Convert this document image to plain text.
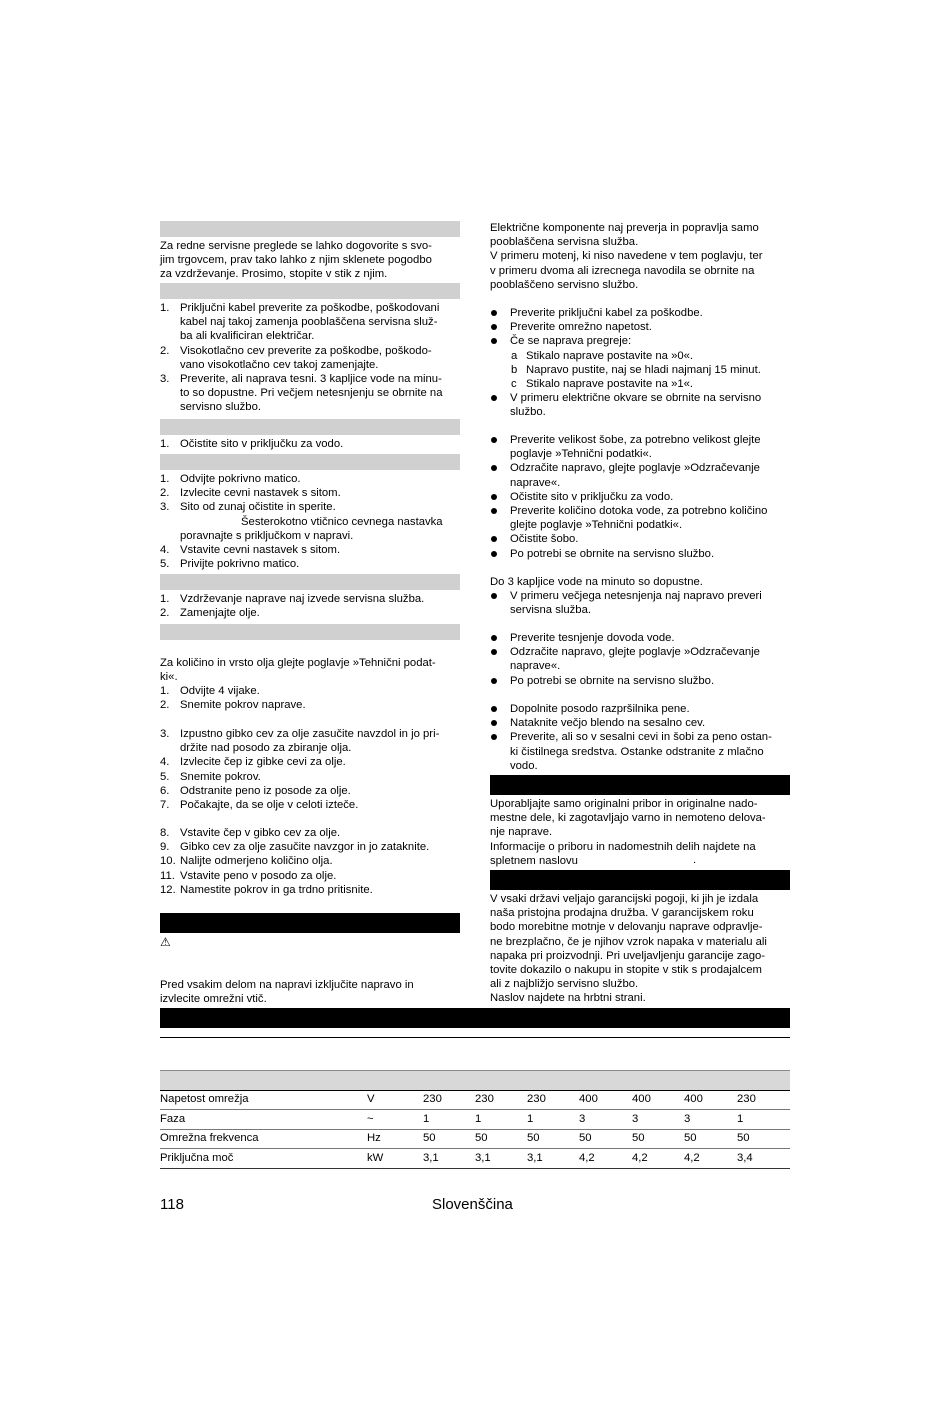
Za redne servisne preglede se lahko dogovorite s svo-
jim trgovcem, prav tako lahko z njim sklenete pogodbo
za vzdrževanje. Prosimo, stopite v stik z njim.
1. Priključni kabel preverite za poškodbe, poškodovani
kabel naj takoj zamenja pooblaščena servisna služ-
ba ali kvalificiran električar.
2. Visokotlačno cev preverite za poškodbe, poškodo-
vano visokotlačno cev takoj zamenjajte.
3. Preverite, ali naprava tesni. 3 kapljice vode na minu-
to so dopustne. Pri večjem netesnjenju se obrnite na
servisno službo.
1. Očistite sito v priključku za vodo.
1. Odvijte pokrivno matico.
2. Izvlecite cevni nastavek s sitom.
3. Sito od zunaj očistite in sperite.
Šesterokotno vtičnico cevnega nastavka
poravnajte s priključkom v napravi.
4. Vstavite cevni nastavek s sitom.
5. Privijte pokrivno matico.
1. Vzdrževanje naprave naj izvede servisna služba.
2. Zamenjajte olje.
Za količino in vrsto olja glejte poglavje »Tehnični podat-
ki«.
1. Odvijte 4 vijake.
2. Snemite pokrov naprave.
3. Izpustno gibko cev za olje zasučite navzdol in jo pri-
držite nad posodo za zbiranje olja.
4. Izvlecite čep iz gibke cevi za olje.
5. Snemite pokrov.
6. Odstranite peno iz posode za olje.
7. Počakajte, da se olje v celoti izteče.
8. Vstavite čep v gibko cev za olje.
9. Gibko cev za olje zasučite navzgor in jo zataknite.
10. Nalijte odmerjeno količino olja.
11. Vstavite peno v posodo za olje.
12. Namestite pokrov in ga trdno pritisnite.
⚠
Pred vsakim delom na napravi izključite napravo in
izvlecite omrežni vtič.
Električne komponente naj preverja in popravlja samo
pooblaščena servisna služba.
V primeru motenj, ki niso navedene v tem poglavju, ter
v primeru dvoma ali izrecnega navodila se obrnite na
pooblaščeno servisno službo.
Preverite priključni kabel za poškodbe.
Preverite omrežno napetost.
Če se naprava pregreje:
a Stikalo naprave postavite na »0«.
b Napravo pustite, naj se hladi najmanj 15 minut.
c Stikalo naprave postavite na »1«.
V primeru električne okvare se obrnite na servisno
službo.
Preverite velikost šobe, za potrebno velikost glejte
poglavje »Tehnični podatki«.
Odzračite napravo, glejte poglavje »Odzračevanje
naprave«.
Očistite sito v priključku za vodo.
Preverite količino dotoka vode, za potrebno količino
glejte poglavje »Tehnični podatki«.
Očistite šobo.
Po potrebi se obrnite na servisno službo.
Do 3 kapljice vode na minuto so dopustne.
V primeru večjega netesnjenja naj napravo preveri
servisna služba.
Preverite tesnjenje dovoda vode.
Odzračite napravo, glejte poglavje »Odzračevanje
naprave«.
Po potrebi se obrnite na servisno službo.
Dopolnite posodo razpršilnika pene.
Nataknite večjo blendo na sesalno cev.
Preverite, ali so v sesalni cevi in šobi za peno ostan-
ki čistilnega sredstva. Ostanke odstranite z mlačno
vodo.
Uporabljajte samo originalni pribor in originalne nado-
mestne dele, ki zagotavljajo varno in nemoteno delova-
nje naprave.
Informacije o priboru in nadomestnih delih najdete na
spletnem naslovu	.
V vsaki državi veljajo garancijski pogoji, ki jih je izdala
naša pristojna prodajna družba. V garancijskem roku
bodo morebitne motnje v delovanju naprave odpravlje-
ne brezplačno, če je njihov vzrok napaka v materialu ali
napaka pri proizvodnji. Pri uveljavljenju garancije zago-
tovite dokazilo o nakupu in stopite v stik s prodajalcem
ali z najbližjo servisno službo.
Naslov najdete na hrbtni strani.
Napetost omrežja	V	230	230	230	400	400	400	230
Faza	~	1	1	1	3	3	3	1
Omrežna frekvenca	Hz	50	50	50	50	50	50	50
Priključna moč	kW	3,1	3,1	3,1	4,2	4,2	4,2	3,4
118	Slovenščina
